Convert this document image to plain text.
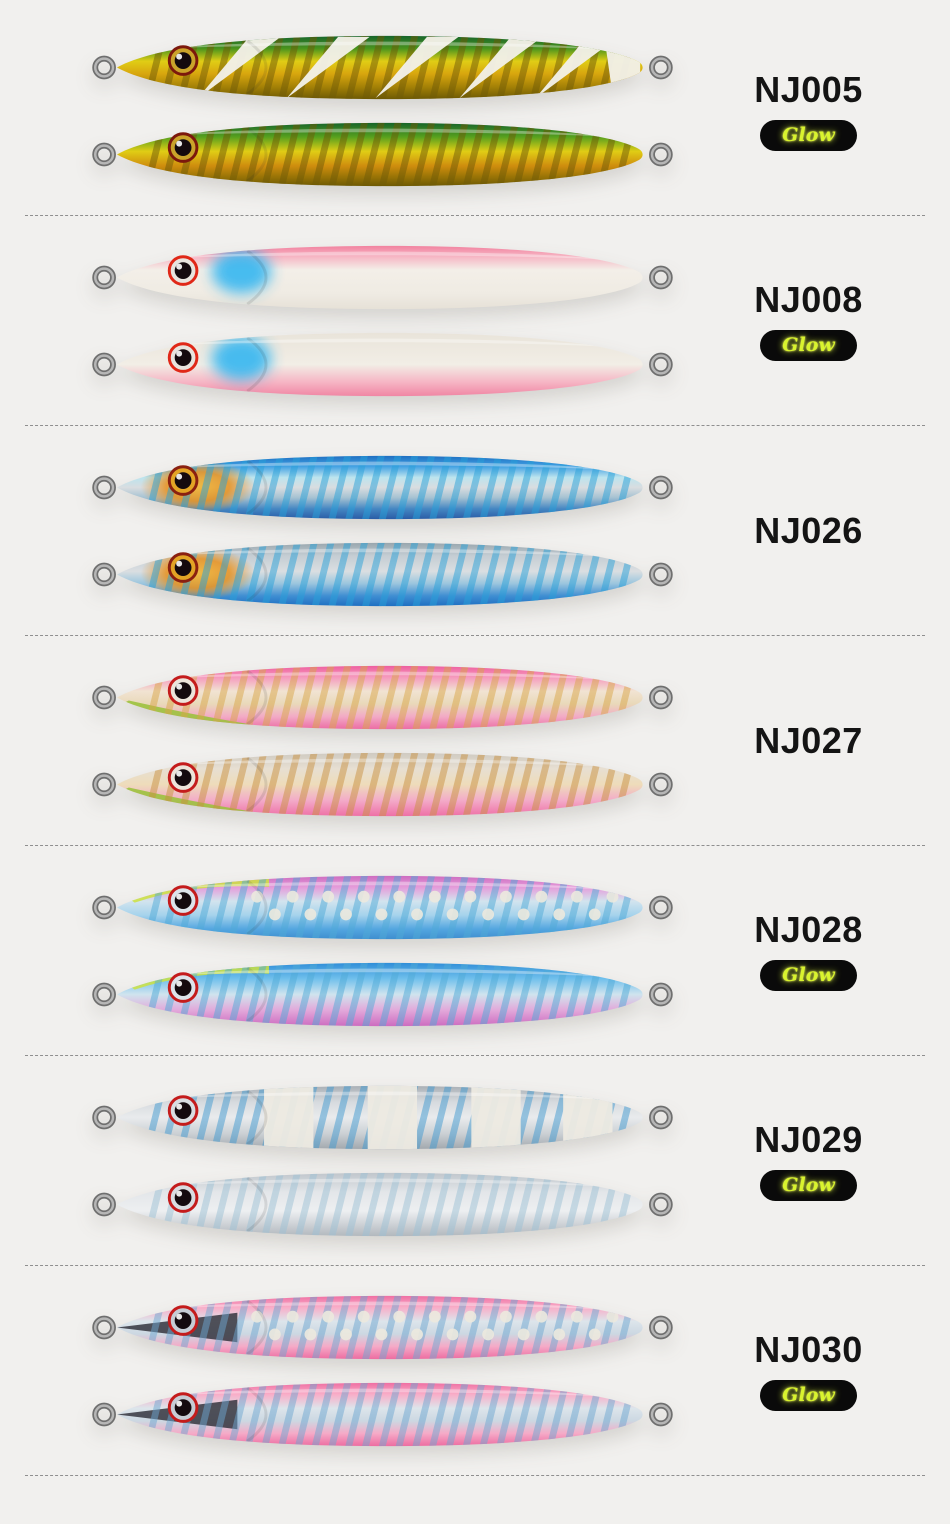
NJ005
Glow
NJ008
Glow
NJ026
NJ027
NJ028
Glow
NJ029
Glow
NJ030
Glow
